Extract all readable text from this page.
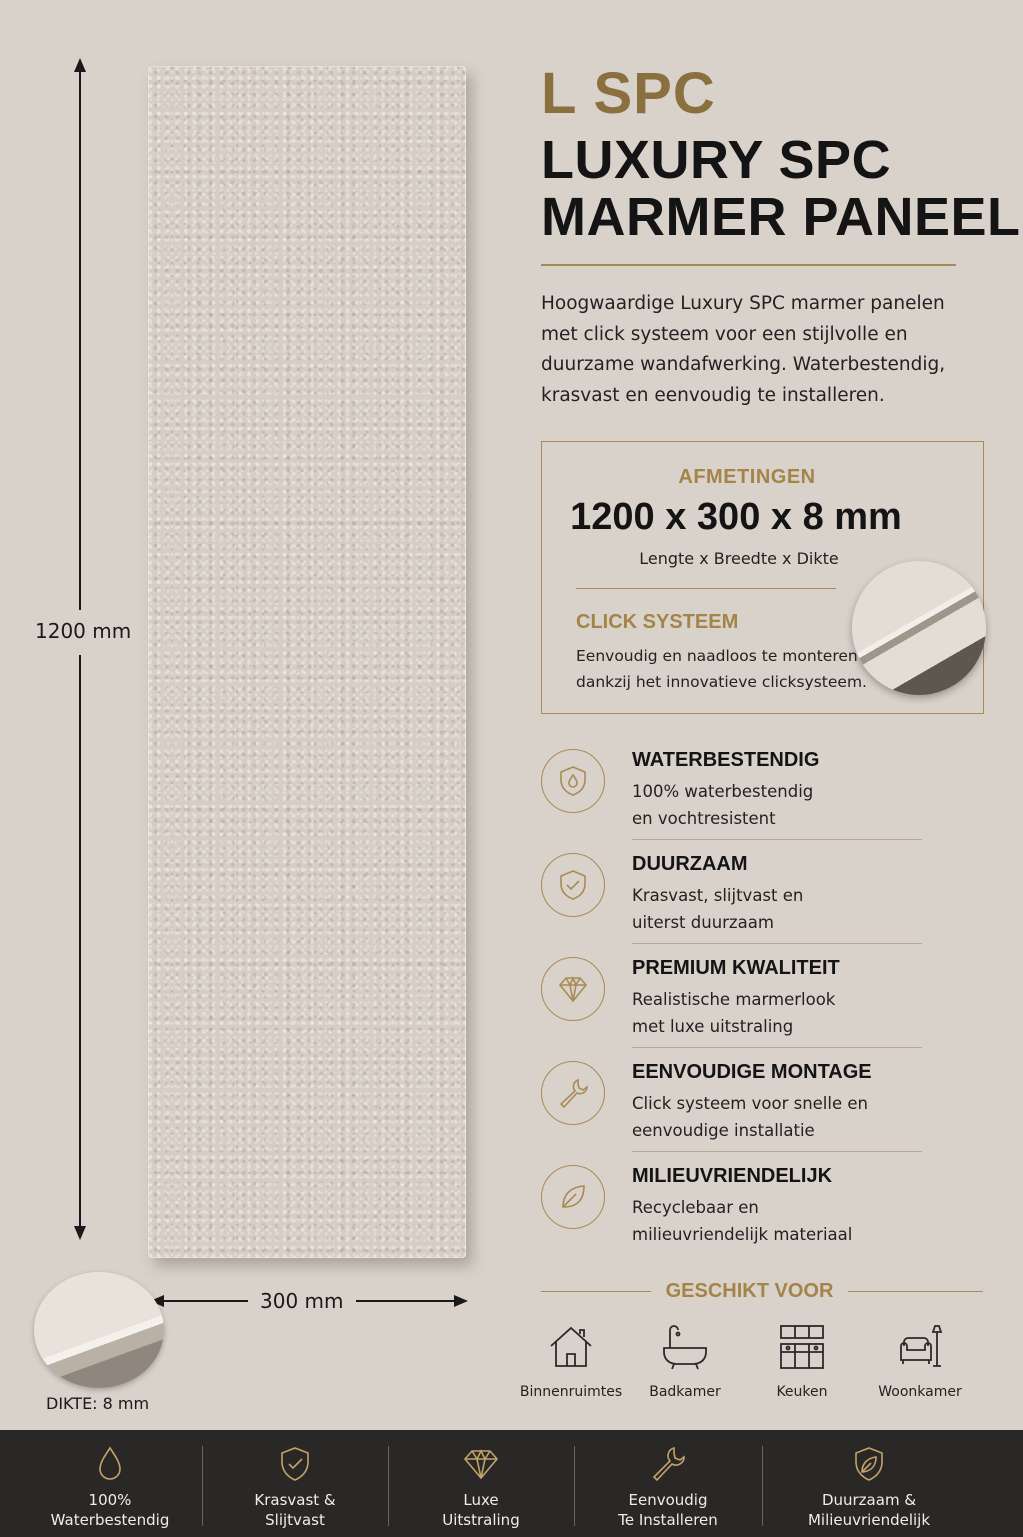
1200 mm
300 mm
DIKTE: 8 mm
L SPC
LUXURY SPC
MARMER PANEEL
Hoogwaardige Luxury SPC marmer panelen met click systeem voor een stijlvolle en duurzame wandafwerking. Waterbestendig, krasvast en eenvoudig te installeren.
AFMETINGEN
1200 x 300 x 8 mm
Lengte x Breedte x Dikte
CLICK SYSTEEM
Eenvoudig en naadloos te monteren dankzij het innovatieve clicksysteem.
WATERBESTENDIG
100% waterbestendig
en vochtresistent
DUURZAAM
Krasvast, slijtvast en
uiterst duurzaam
PREMIUM KWALITEIT
Realistische marmerlook
met luxe uitstraling
EENVOUDIGE MONTAGE
Click systeem voor snelle en
eenvoudige installatie
MILIEUVRIENDELIJK
Recyclebaar en
milieuvriendelijk materiaal
GESCHIKT VOOR
Binnenruimtes	Badkamer	Keuken	Woonkamer
100%
Waterbestendig
Krasvast &
Slijtvast
Luxe
Uitstraling
Eenvoudig
Te Installeren
Duurzaam &
Milieuvriendelijk
